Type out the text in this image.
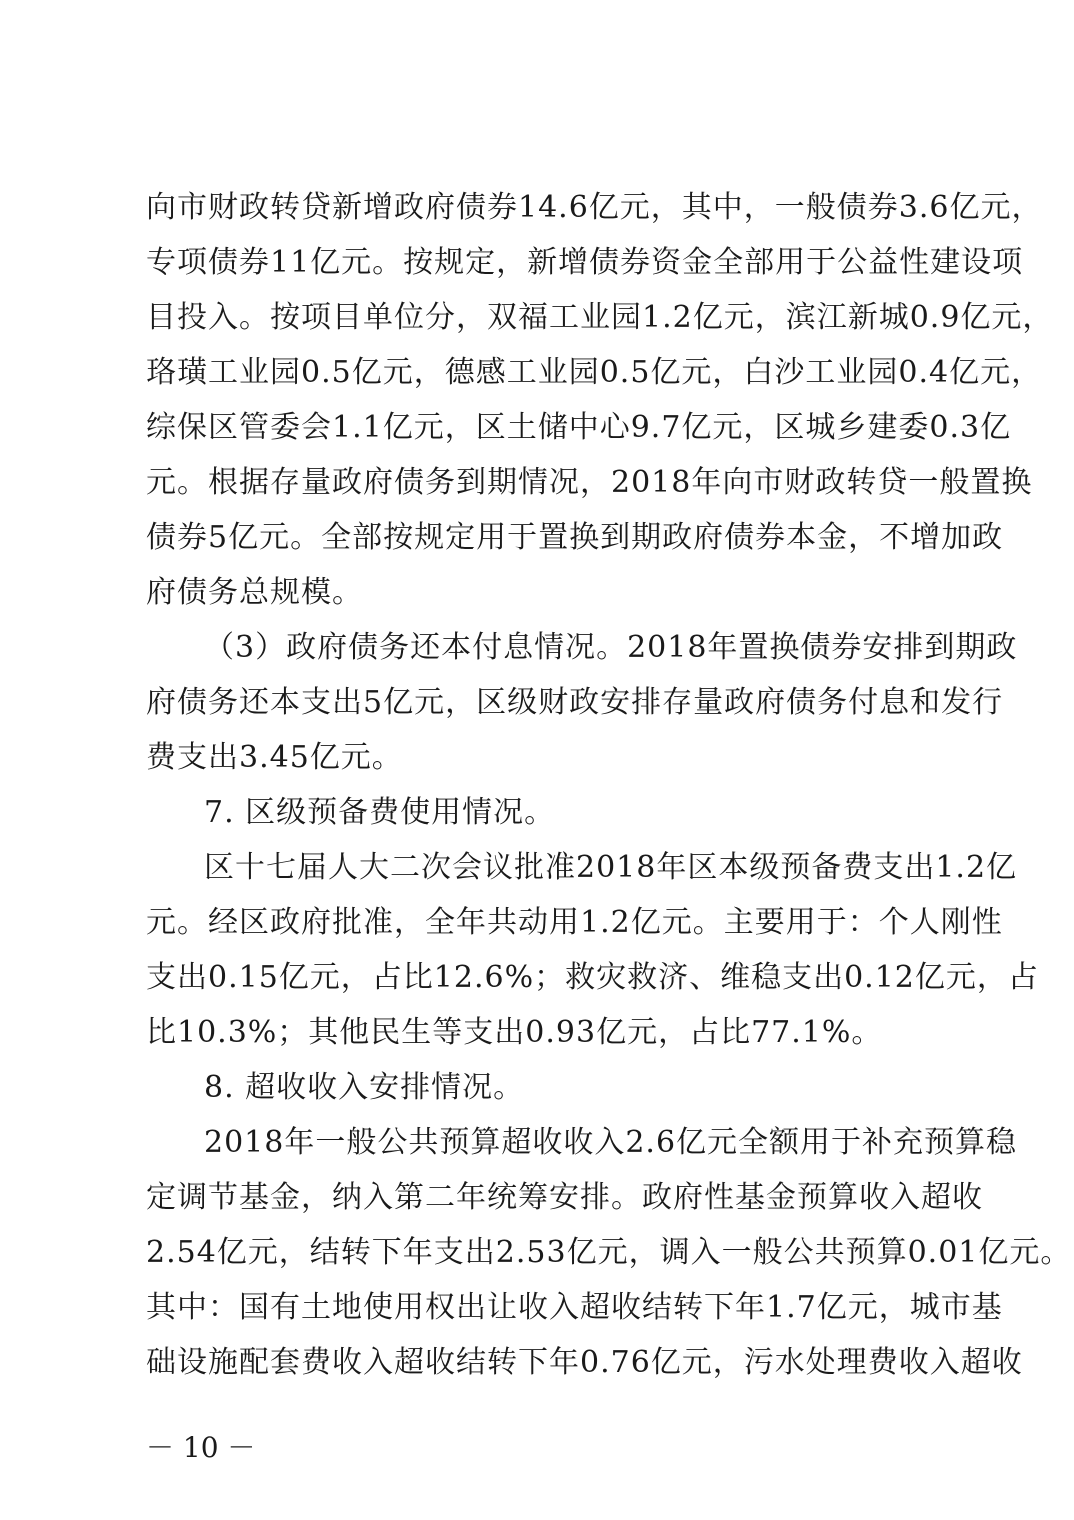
向市财政转贷新增政府债券14.6亿元，其中，一般债券3.6亿元，
专项债券11亿元。按规定，新增债券资金全部用于公益性建设项
目投入。按项目单位分，双福工业园1.2亿元，滨江新城0.9亿元，
珞璜工业园0.5亿元，德感工业园0.5亿元，白沙工业园0.4亿元，
综保区管委会1.1亿元，区土储中心9.7亿元，区城乡建委0.3亿
元。根据存量政府债务到期情况，2018年向市财政转贷一般置换
债券5亿元。全部按规定用于置换到期政府债券本金，不增加政
府债务总规模。
（3）政府债务还本付息情况。2018年置换债券安排到期政
府债务还本支出5亿元，区级财政安排存量政府债务付息和发行
费支出3.45亿元。
7. 区级预备费使用情况。
区十七届人大二次会议批准2018年区本级预备费支出1.2亿
元。经区政府批准，全年共动用1.2亿元。主要用于：个人刚性
支出0.15亿元，占比12.6%；救灾救济、维稳支出0.12亿元，占
比10.3%；其他民生等支出0.93亿元，占比77.1%。
8. 超收收入安排情况。
2018年一般公共预算超收收入2.6亿元全额用于补充预算稳
定调节基金，纳入第二年统筹安排。政府性基金预算收入超收
2.54亿元，结转下年支出2.53亿元，调入一般公共预算0.01亿元。
其中：国有土地使用权出让收入超收结转下年1.7亿元，城市基
础设施配套费收入超收结转下年0.76亿元，污水处理费收入超收
－ 10 －
